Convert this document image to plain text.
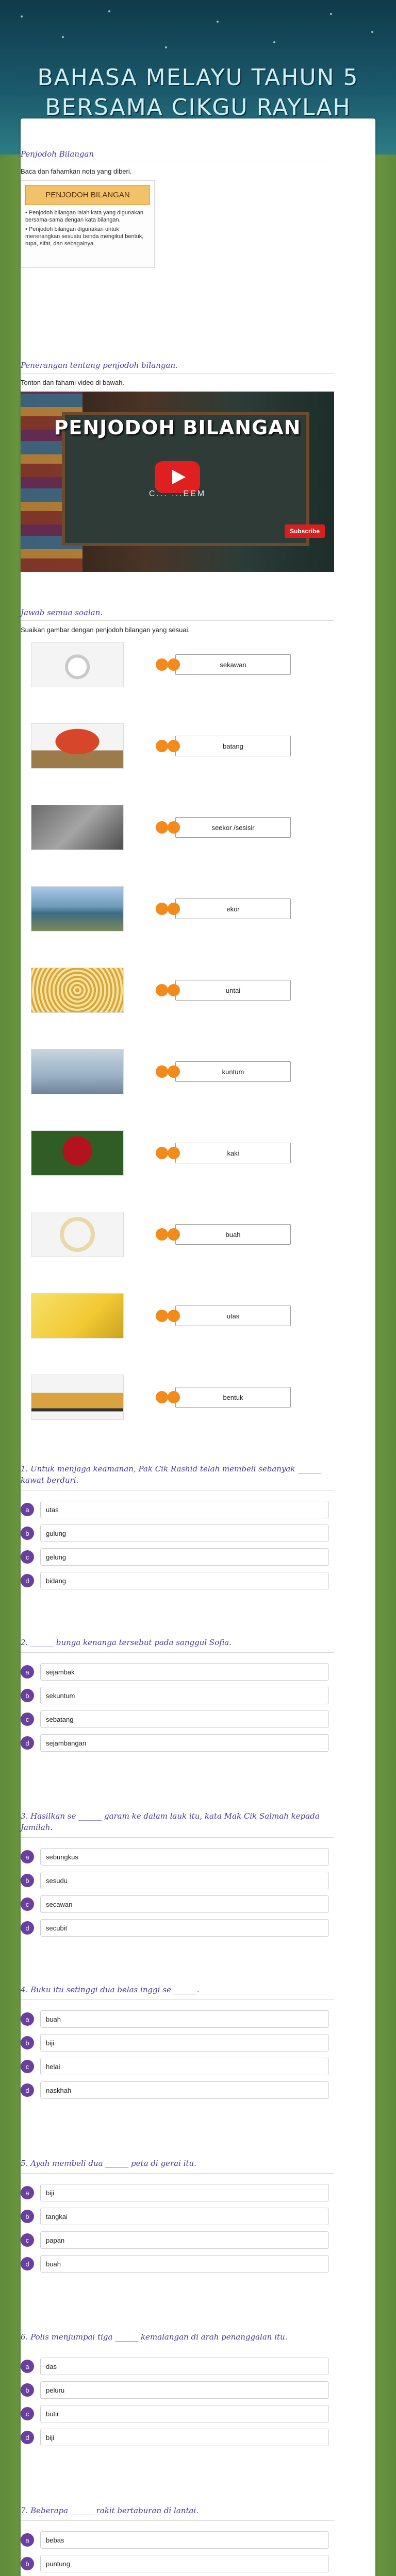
BAHASA MELAYU TAHUN 5
BERSAMA CIKGU RAYLAH
Penjodoh Bilangan
Baca dan fahamkan nota yang diberi.
PENJODOH BILANGAN
• Penjodoh bilangan ialah kata yang digunakan bersama-sama dengan kata bilangan.
• Penjodoh bilangan digunakan untuk menerangkan sesuatu benda mengikut bentuk, rupa, sifat, dan sebagainya.
Penerangan tentang penjodoh bilangan.
Tonton dan fahami video di bawah.
PENJODOH BILANGAN
C... ...EEM
Subscribe
Jawab semua soalan.
Suaikan gambar dengan penjodoh bilangan yang sesuai.
sekawan
batang
seekor /sesisir
ekor
untai
kuntum
kaki
buah
utas
bentuk
1. Untuk menjaga keamanan, Pak Cik Rashid telah membeli sebanyak ______ kawat berduri.
a	utas
b	gulung
c	gelung
d	bidang
2. ______ bunga kenanga tersebut pada sanggul Sofia.
a	sejambak
b	sekuntum
c	sebatang
d	sejambangan
3. Hasilkan se ______ garam ke dalam lauk itu, kata Mak Cik Salmah kepada Jamilah.
a	sebungkus
b	sesudu
c	secawan
d	secubit
4. Buku itu setinggi dua belas inggi se ______.
a	buah
b	biji
c	helai
d	naskhah
5. Ayah membeli dua ______ peta di gerai itu.
a	biji
b	tangkai
c	papan
d	buah
6. Polis menjumpai tiga ______ kemalangan di arah penanggalan itu.
a	das
b	peluru
c	butir
d	biji
7. Beberapa ______ rakit bertaburan di lantai.
a	bebas
b	puntung
